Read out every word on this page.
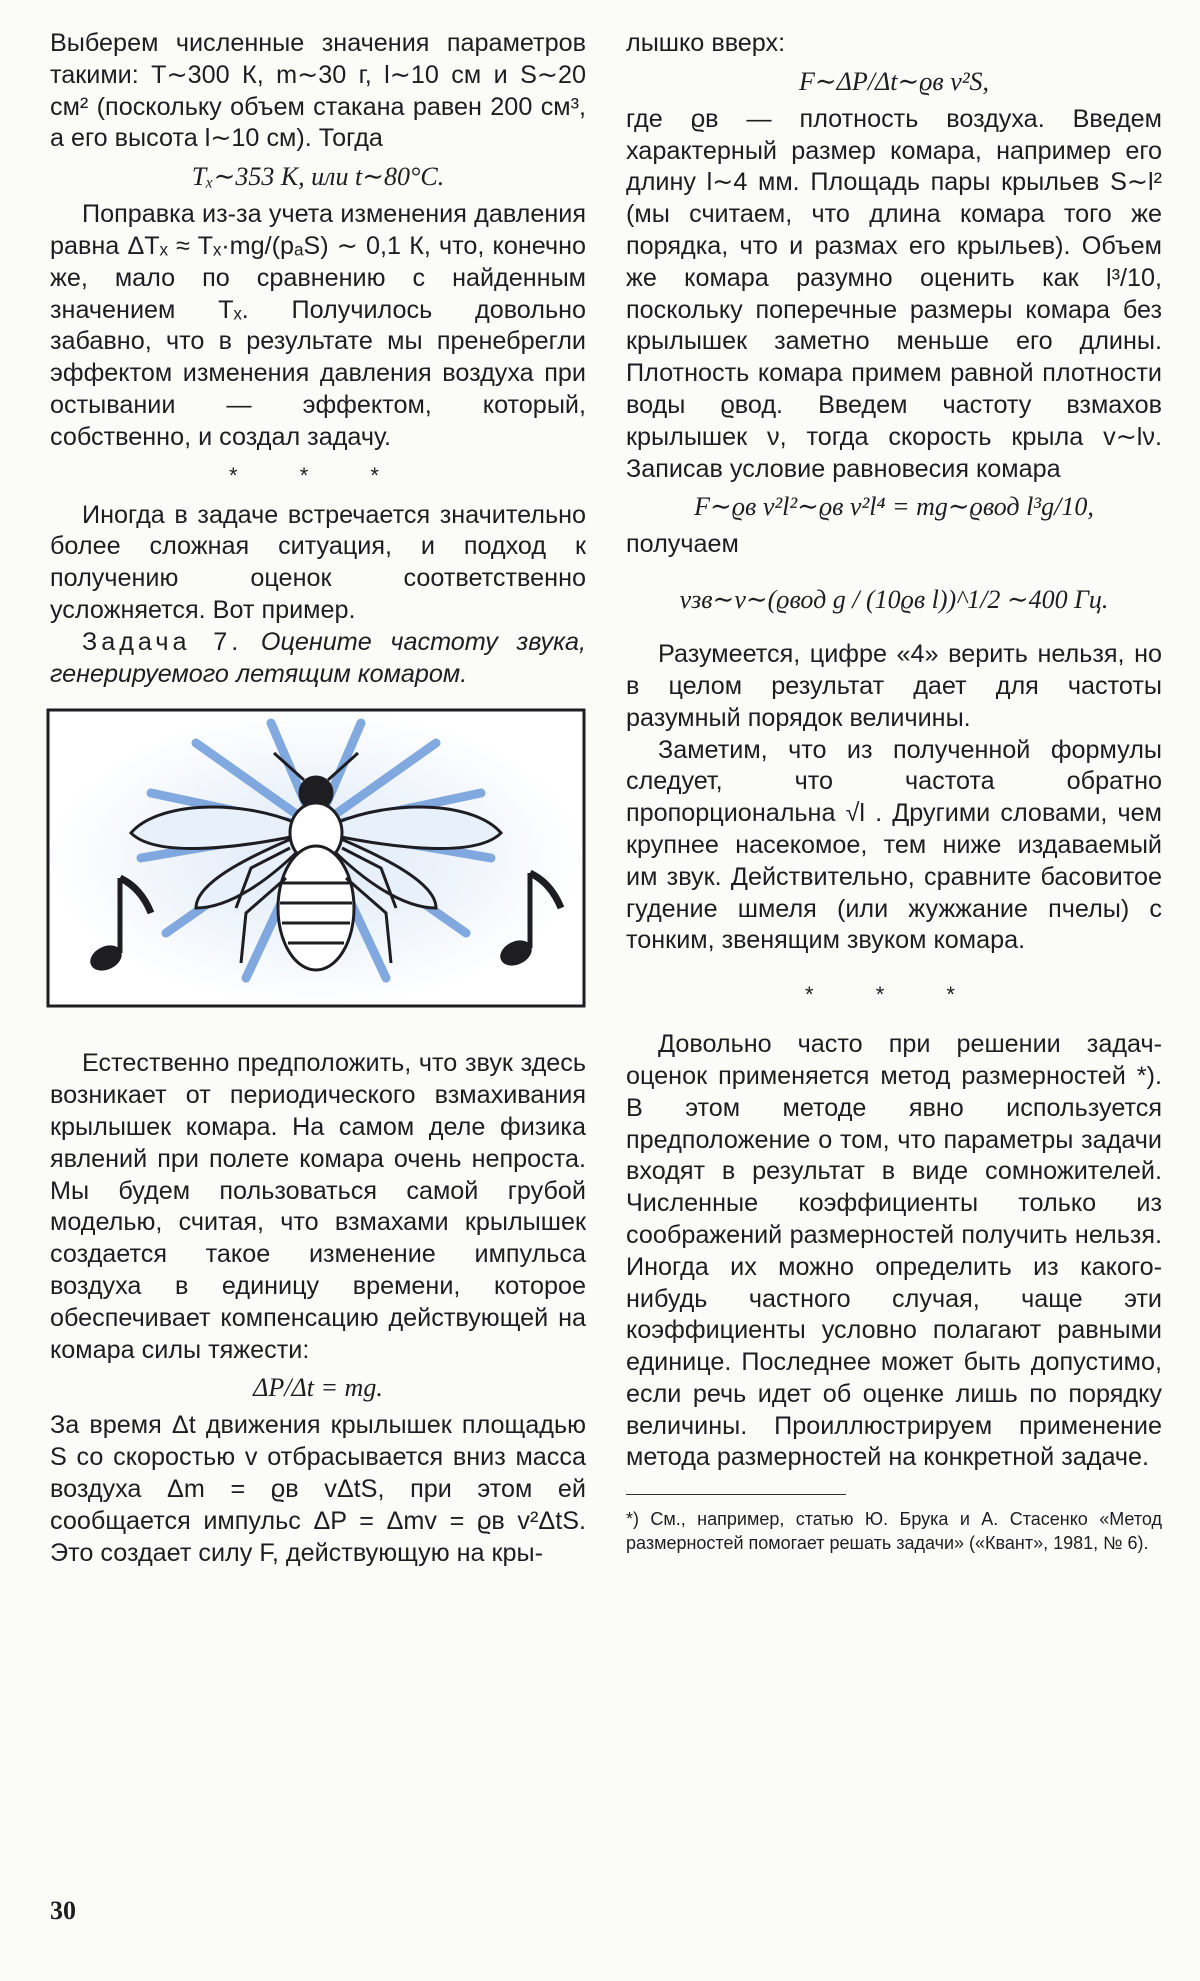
Выберем численные значения параметров такими: T∼300 К, m∼30 г, l∼10 см и S∼20 см² (поскольку объем стакана равен 200 см³, а его высота l∼10 см). Тогда

Tₓ∼353 К, или t∼80°С.

Поправка из-за учета изменения давления равна ΔTₓ ≈ Tₓ·mg/(pₐS) ∼ 0,1 К, что, конечно же, мало по сравнению с найденным значением Tₓ. Получилось довольно забавно, что в результате мы пренебрегли эффектом изменения давления воздуха при остывании — эффектом, который, собственно, и создал задачу.

* * *

Иногда в задаче встречается значительно более сложная ситуация, и подход к получению оценок соответственно усложняется. Вот пример.

Задача 7. Оцените частоту звука, генерируемого летящим комаром.

Естественно предположить, что звук здесь возникает от периодического взмахивания крылышек комара. На самом деле физика явлений при полете комара очень непроста. Мы будем пользоваться самой грубой моделью, считая, что взмахами крылышек создается такое изменение импульса воздуха в единицу времени, которое обеспечивает компенсацию действующей на комара силы тяжести:

ΔP/Δt = mg.

За время Δt движения крылышек площадью S со скоростью v отбрасывается вниз масса воздуха Δm = ϱв vΔtS, при этом ей сообщается импульс ΔP = Δmv = ϱв v²ΔtS. Это создает силу F, действующую на кры-

лышко вверх:

F∼ΔP/Δt∼ϱв v²S,

где ϱв — плотность воздуха. Введем характерный размер комара, например его длину l∼4 мм. Площадь пары крыльев S∼l² (мы считаем, что длина комара того же порядка, что и размах его крыльев). Объем же комара разумно оценить как l³/10, поскольку поперечные размеры комара без крылышек заметно меньше его длины. Плотность комара примем равной плотности воды ϱвод. Введем частоту взмахов крылышек ν, тогда скорость крыла v∼lν. Записав условие равновесия комара

F∼ϱв v²l²∼ϱв ν²l⁴ = mg∼ϱвод l³g/10,

получаем

νзв∼ν∼(ϱвод g / (10ϱв l))^1/2 ∼400 Гц.

Разумеется, цифре «4» верить нельзя, но в целом результат дает для частоты разумный порядок величины.

Заметим, что из полученной формулы следует, что частота обратно пропорциональна √l . Другими словами, чем крупнее насекомое, тем ниже издаваемый им звук. Действительно, сравните басовитое гудение шмеля (или жужжание пчелы) с тонким, звенящим звуком комара.

* * *

Довольно часто при решении задач-оценок применяется метод размерностей *). В этом методе явно используется предположение о том, что параметры задачи входят в результат в виде сомножителей. Численные коэффициенты только из соображений размерностей получить нельзя. Иногда их можно определить из какого-нибудь частного случая, чаще эти коэффициенты условно полагают равными единице. Последнее может быть допустимо, если речь идет об оценке лишь по порядку величины. Проиллюстрируем применение метода размерностей на конкретной задаче.

*) См., например, статью Ю. Брука и А. Стасенко «Метод размерностей помогает решать задачи» («Квант», 1981, № 6).

30
